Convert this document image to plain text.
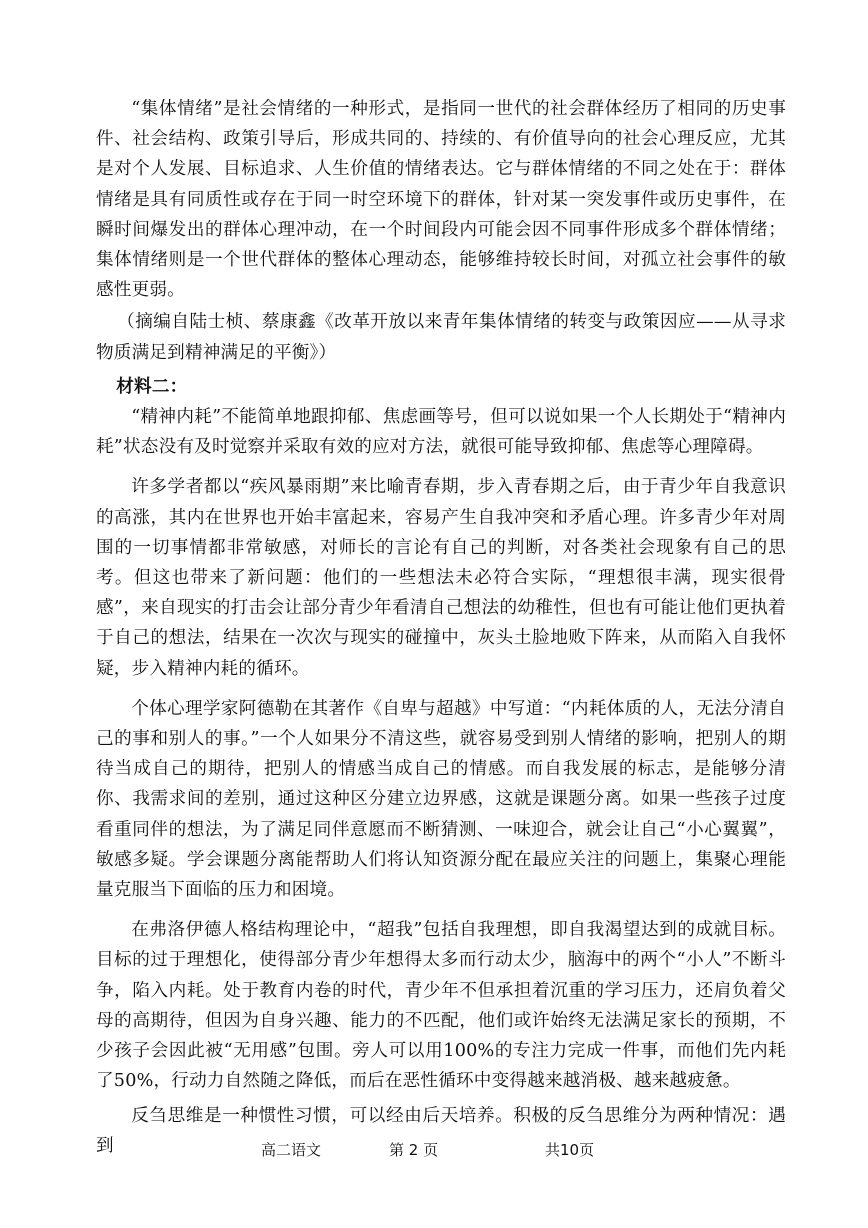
“集体情绪”是社会情绪的一种形式，是指同一世代的社会群体经历了相同的历史事件、社会结构、政策引导后，形成共同的、持续的、有价值导向的社会心理反应，尤其是对个人发展、目标追求、人生价值的情绪表达。它与群体情绪的不同之处在于：群体情绪是具有同质性或存在于同一时空环境下的群体，针对某一突发事件或历史事件，在瞬时间爆发出的群体心理冲动，在一个时间段内可能会因不同事件形成多个群体情绪；集体情绪则是一个世代群体的整体心理动态，能够维持较长时间，对孤立社会事件的敏感性更弱。

（摘编自陆士桢、蔡康鑫《改革开放以来青年集体情绪的转变与政策因应——从寻求物质满足到精神满足的平衡》）

材料二：

“精神内耗”不能简单地跟抑郁、焦虑画等号，但可以说如果一个人长期处于“精神内耗”状态没有及时觉察并采取有效的应对方法，就很可能导致抑郁、焦虑等心理障碍。

许多学者都以“疾风暴雨期”来比喻青春期，步入青春期之后，由于青少年自我意识的高涨，其内在世界也开始丰富起来，容易产生自我冲突和矛盾心理。许多青少年对周围的一切事情都非常敏感，对师长的言论有自己的判断，对各类社会现象有自己的思考。但这也带来了新问题：他们的一些想法未必符合实际，“理想很丰满，现实很骨感”，来自现实的打击会让部分青少年看清自己想法的幼稚性，但也有可能让他们更执着于自己的想法，结果在一次次与现实的碰撞中，灰头土脸地败下阵来，从而陷入自我怀疑，步入精神内耗的循环。

个体心理学家阿德勒在其著作《自卑与超越》中写道：“内耗体质的人，无法分清自己的事和别人的事。”一个人如果分不清这些，就容易受到别人情绪的影响，把别人的期待当成自己的期待，把别人的情感当成自己的情感。而自我发展的标志，是能够分清你、我需求间的差别，通过这种区分建立边界感，这就是课题分离。如果一些孩子过度看重同伴的想法，为了满足同伴意愿而不断猜测、一味迎合，就会让自己“小心翼翼”，敏感多疑。学会课题分离能帮助人们将认知资源分配在最应关注的问题上，集聚心理能量克服当下面临的压力和困境。

在弗洛伊德人格结构理论中，“超我”包括自我理想，即自我渴望达到的成就目标。目标的过于理想化，使得部分青少年想得太多而行动太少，脑海中的两个“小人”不断斗争，陷入内耗。处于教育内卷的时代，青少年不但承担着沉重的学习压力，还肩负着父母的高期待，但因为自身兴趣、能力的不匹配，他们或许始终无法满足家长的预期，不少孩子会因此被“无用感”包围。旁人可以用100%的专注力完成一件事，而他们先内耗了50%，行动力自然随之降低，而后在恶性循环中变得越来越消极、越来越疲惫。

反刍思维是一种惯性习惯，可以经由后天培养。积极的反刍思维分为两种情况：遇到	高二语文	第 2 页	共10页
